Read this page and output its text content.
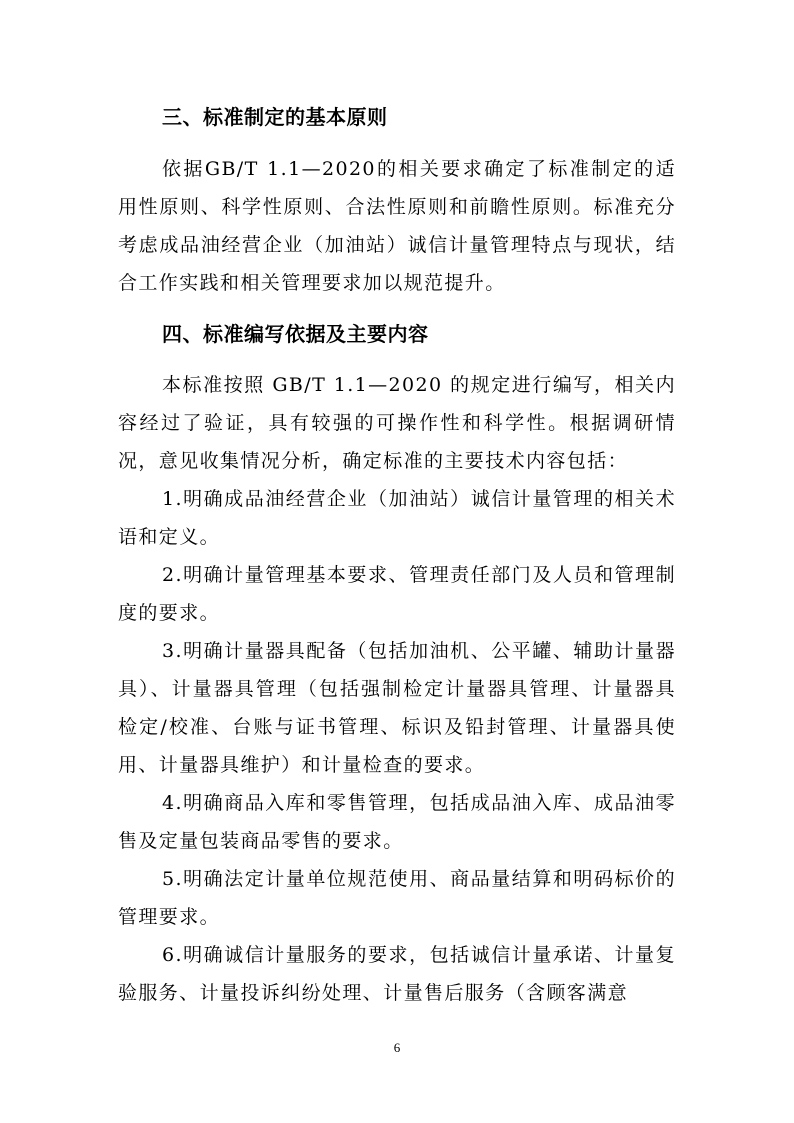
三、标准制定的基本原则

依据GB/T 1.1—2020的相关要求确定了标准制定的适用性原则、科学性原则、合法性原则和前瞻性原则。标准充分考虑成品油经营企业（加油站）诚信计量管理特点与现状，结合工作实践和相关管理要求加以规范提升。

四、标准编写依据及主要内容

本标准按照 GB/T 1.1—2020 的规定进行编写，相关内容经过了验证，具有较强的可操作性和科学性。根据调研情况，意见收集情况分析，确定标准的主要技术内容包括：

1.明确成品油经营企业（加油站）诚信计量管理的相关术语和定义。

2.明确计量管理基本要求、管理责任部门及人员和管理制度的要求。

3.明确计量器具配备（包括加油机、公平罐、辅助计量器具）、计量器具管理（包括强制检定计量器具管理、计量器具检定/校准、台账与证书管理、标识及铅封管理、计量器具使用、计量器具维护）和计量检查的要求。

4.明确商品入库和零售管理，包括成品油入库、成品油零售及定量包装商品零售的要求。

5.明确法定计量单位规范使用、商品量结算和明码标价的管理要求。

6.明确诚信计量服务的要求，包括诚信计量承诺、计量复验服务、计量投诉纠纷处理、计量售后服务（含顾客满意

6
